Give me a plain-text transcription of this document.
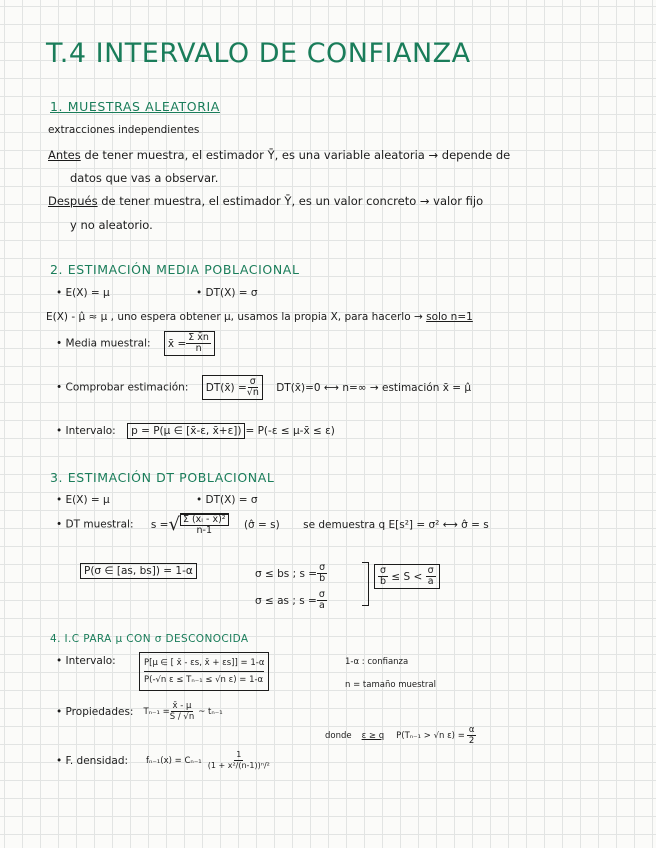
T.4 INTERVALO DE CONFIANZA
1. MUESTRAS ALEATORIA
extracciones independientes
Antes de tener muestra, el estimador Ȳ, es una variable aleatoria → depende de
datos que vas a observar.
Después de tener muestra, el estimador Ȳ, es un valor concreto → valor fijo
y no aleatorio.
2. ESTIMACIÓN MEDIA POBLACIONAL
• E(X) = μ	• DT(X) = σ
E(X) - μ̂ ≈ μ , uno espera obtener μ, usamos la propia X, para hacerlo → solo n=1
• Media muestral: x̄ = $\frac{\text{Σ x̄n}}{n}$
• Comprobar estimación: DT(x̄) = $\frac{\sigma}{√n}$ DT(x̄)=0 ⟷ n=∞ → estimación x̄ = μ̂
• Intervalo: p = P(μ ∈ [x̄-ε, x̄+ε]) = P(-ε ≤ μ-x̄ ≤ ε)
3. ESTIMACIÓN DT POBLACIONAL
• E(X) = μ	• DT(X) = σ
• DT muestral: s = √ $\frac{\text{Σ (xᵢ - x̄)²}}{n-1}$ (σ̂ = s) se demuestra q E[s²] = σ² ⟷ σ̂ = s
P(σ ∈ [as, bs]) = 1-α	σ ≤ bs ; $s = \frac{\sigma}{b}$
σ ≤ as ; $s = \frac{\sigma}{a}$
$\frac{\sigma}{b} \le S < \frac{\sigma}{a}$
4. I.C PARA μ CON σ DESCONOCIDA
• Intervalo:	P[μ ∈ [ x̄ - εs, x̄ + εs]] = 1-α
P(-√n ε ≤ Tₙ₋₁ ≤ √n ε) = 1-α
1-α : confianza
n = tamaño muestral
• Propiedades: $T_{n-1} = \frac{x̄ - \mu}{S / √n}$ ~ tₙ₋₁
donde ε ≥ q P(Tₙ₋₁ > √n $\varepsilon) = \frac{\alpha}{2}$
• F. densidad: $f_{n-1}(x) = C_{n-1} \frac{1}{\text{(1 + x²/(n-1))ⁿ/²}}$
